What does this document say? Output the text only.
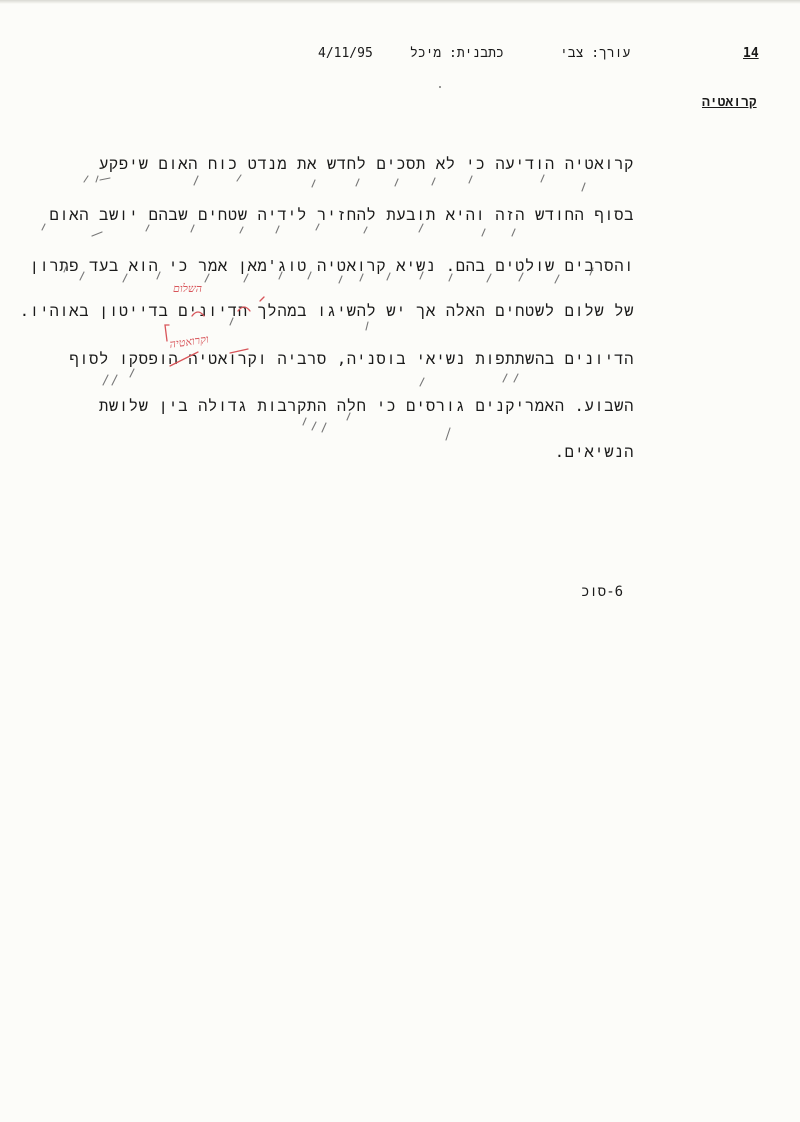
14
עורך: צבי
כתבנית: מיכל
4/11/95
קרואטיה
קרואטיה הודיעה כי לא תסכים לחדש את מנדט כוח האום שיפקע
בסוף החודש הזה והיא תובעת להחזיר לידיה שטחים שבהם יושב האום
והסרבים שולטים בהם. נשיא קרואטיה טוג'מאן אמר כי הוא בעד פתרון
של שלום לשטחים האלה אך יש להשיגו במהלך הדיונים בדייטון באוהיו.
הדיונים בהשתתפות נשיאי בוסניה, סרביה וקרואטיה הופסקו לסוף
השבוע. האמריקנים גורסים כי חלה התקרבות גדולה בין שלושת
הנשיאים.
6-סוכ
השלום
וקרואטיה
